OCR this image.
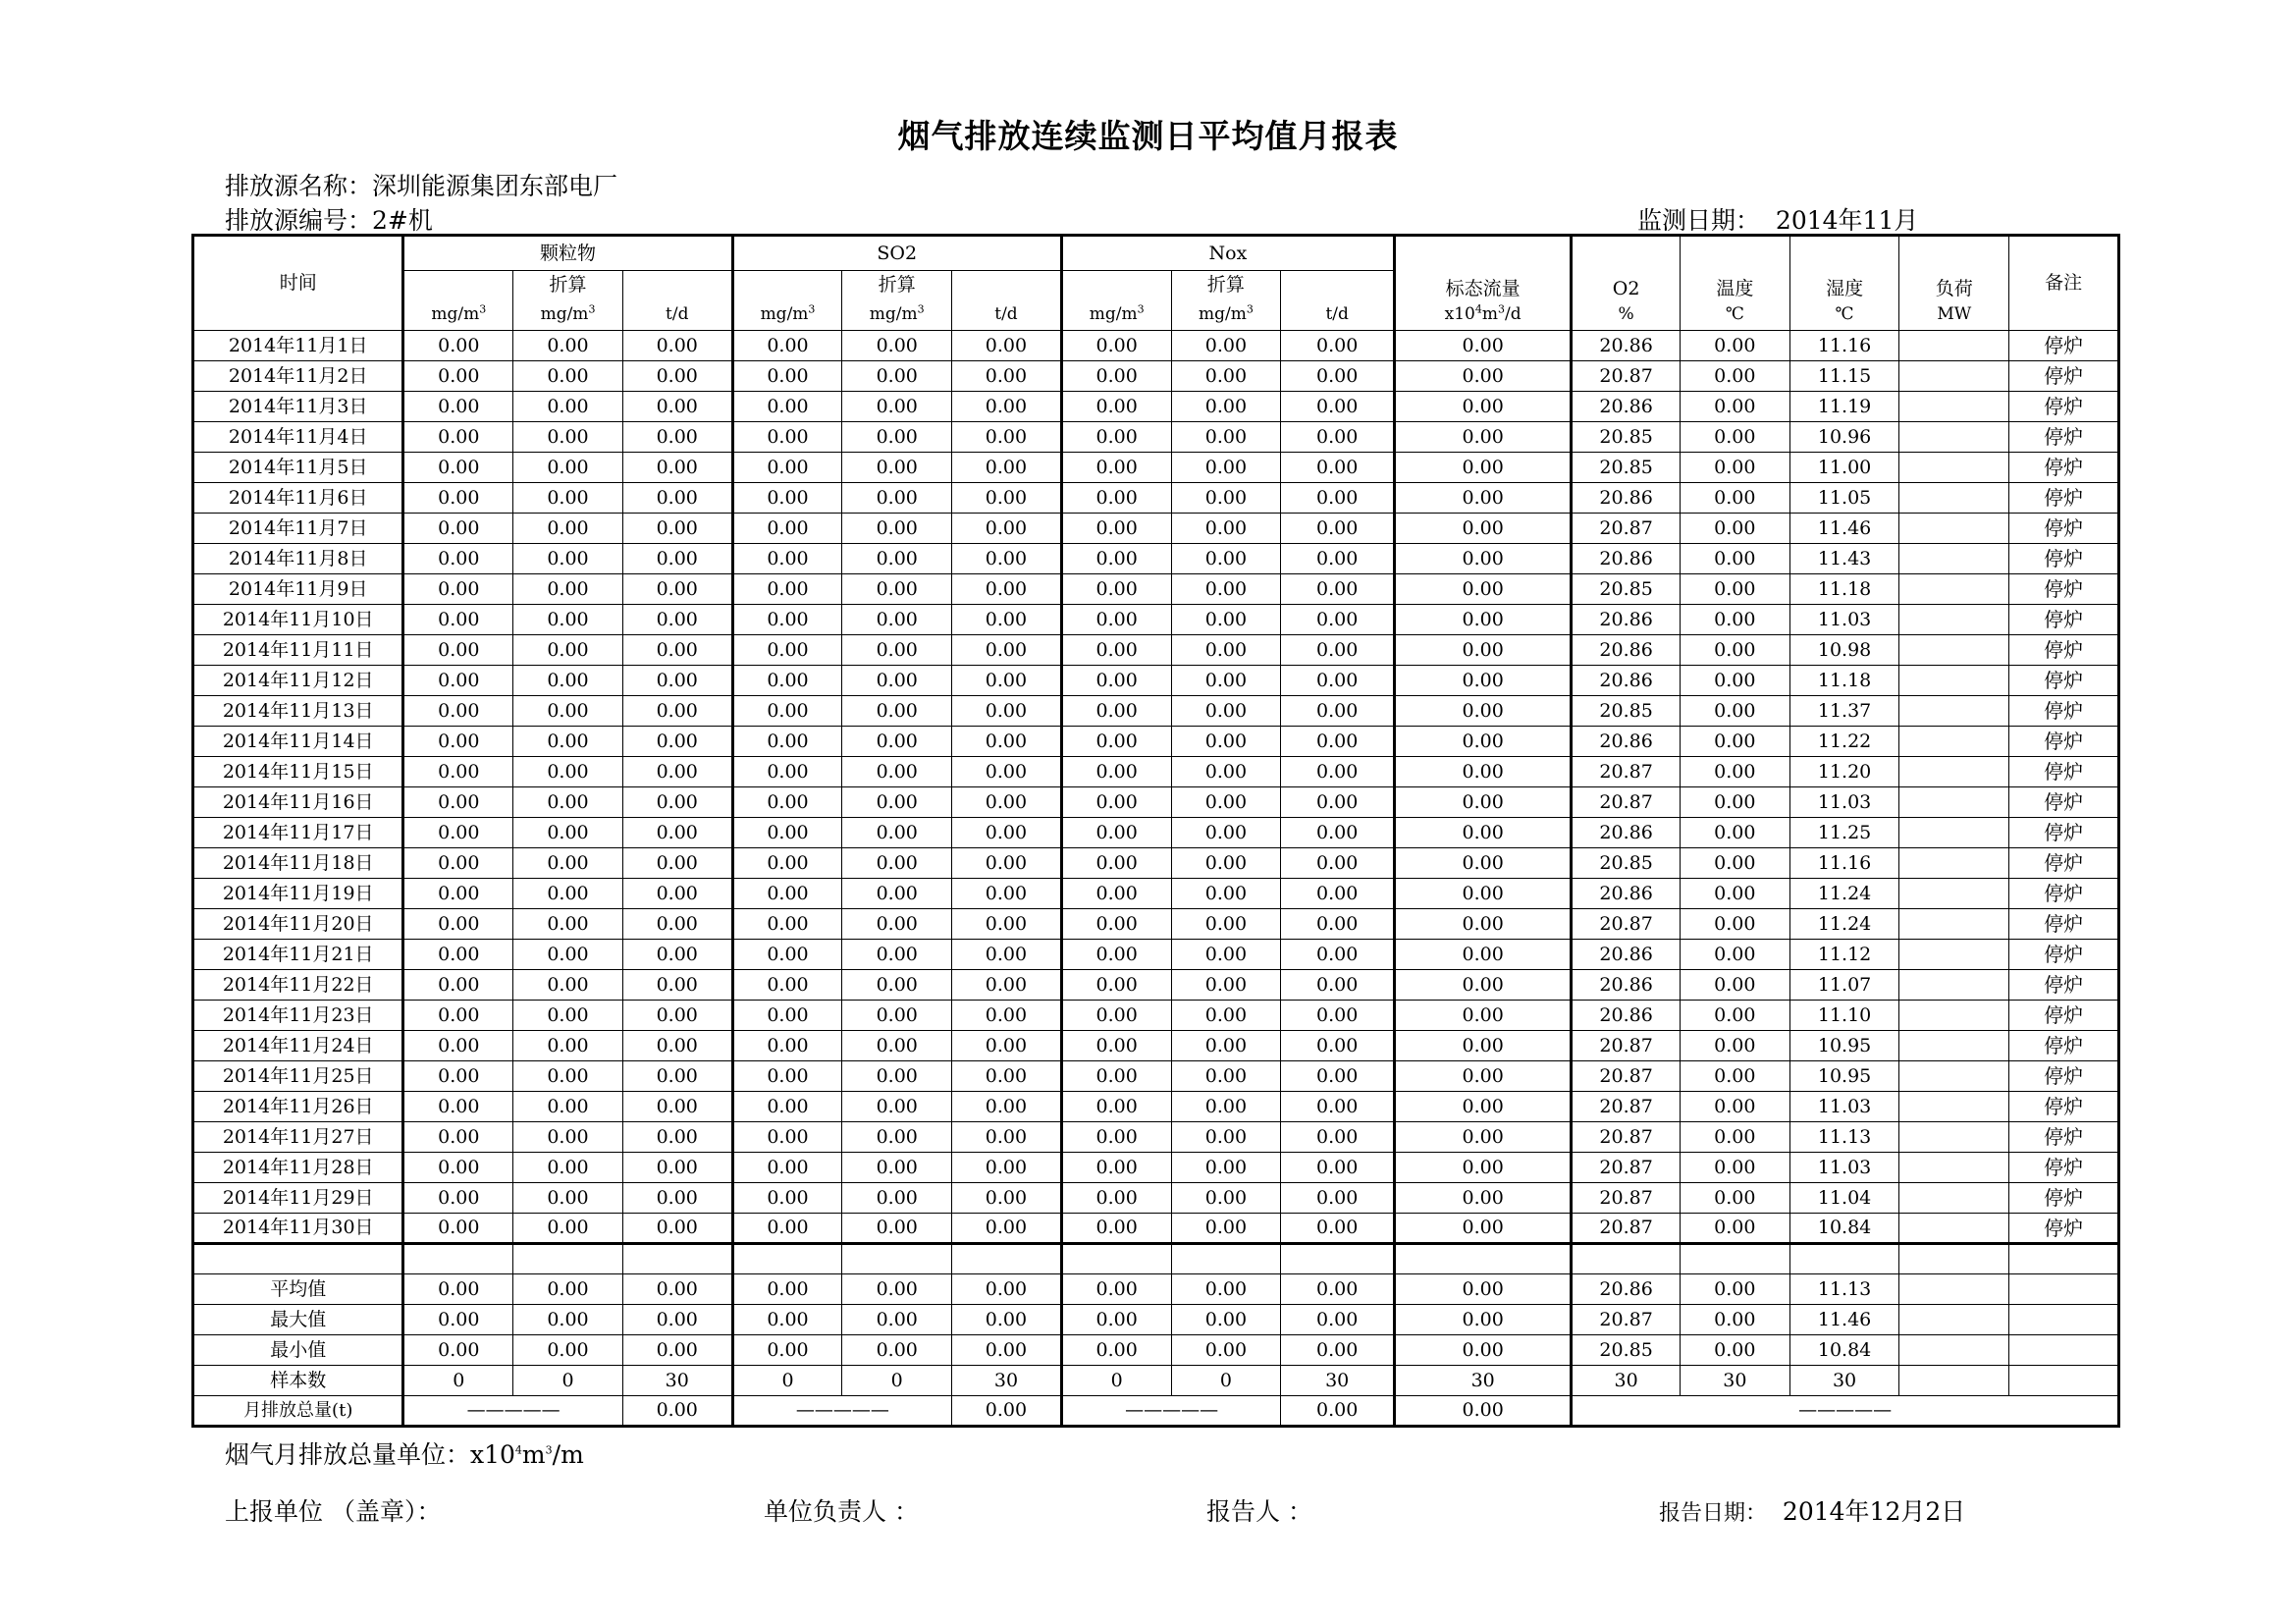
烟气排放连续监测日平均值月报表
排放源名称：深圳能源集团东部电厂
排放源编号：2#机	监测日期： 2014年11月
时间	颗粒物			SO2			Nox			标态流量	O2	温度	湿度	负荷	备注
		折算			折算			折算							
	$mg/m^3$	$mg/m^3$	t/d	$mg/m^3$	$mg/m^3$	t/d	$mg/m^3$	$mg/m^3$	t/d	$x10^4m^3/d$	%	℃	℃	MW	
2014年11月1日	0.00	0.00	0.00	0.00	0.00	0.00	0.00	0.00	0.00	0.00	20.86	0.00	11.16		停炉
2014年11月2日	0.00	0.00	0.00	0.00	0.00	0.00	0.00	0.00	0.00	0.00	20.87	0.00	11.15		停炉
2014年11月3日	0.00	0.00	0.00	0.00	0.00	0.00	0.00	0.00	0.00	0.00	20.86	0.00	11.19		停炉
2014年11月4日	0.00	0.00	0.00	0.00	0.00	0.00	0.00	0.00	0.00	0.00	20.85	0.00	10.96		停炉
2014年11月5日	0.00	0.00	0.00	0.00	0.00	0.00	0.00	0.00	0.00	0.00	20.85	0.00	11.00		停炉
2014年11月6日	0.00	0.00	0.00	0.00	0.00	0.00	0.00	0.00	0.00	0.00	20.86	0.00	11.05		停炉
2014年11月7日	0.00	0.00	0.00	0.00	0.00	0.00	0.00	0.00	0.00	0.00	20.87	0.00	11.46		停炉
2014年11月8日	0.00	0.00	0.00	0.00	0.00	0.00	0.00	0.00	0.00	0.00	20.86	0.00	11.43		停炉
2014年11月9日	0.00	0.00	0.00	0.00	0.00	0.00	0.00	0.00	0.00	0.00	20.85	0.00	11.18		停炉
2014年11月10日	0.00	0.00	0.00	0.00	0.00	0.00	0.00	0.00	0.00	0.00	20.86	0.00	11.03		停炉
2014年11月11日	0.00	0.00	0.00	0.00	0.00	0.00	0.00	0.00	0.00	0.00	20.86	0.00	10.98		停炉
2014年11月12日	0.00	0.00	0.00	0.00	0.00	0.00	0.00	0.00	0.00	0.00	20.86	0.00	11.18		停炉
2014年11月13日	0.00	0.00	0.00	0.00	0.00	0.00	0.00	0.00	0.00	0.00	20.85	0.00	11.37		停炉
2014年11月14日	0.00	0.00	0.00	0.00	0.00	0.00	0.00	0.00	0.00	0.00	20.86	0.00	11.22		停炉
2014年11月15日	0.00	0.00	0.00	0.00	0.00	0.00	0.00	0.00	0.00	0.00	20.87	0.00	11.20		停炉
2014年11月16日	0.00	0.00	0.00	0.00	0.00	0.00	0.00	0.00	0.00	0.00	20.87	0.00	11.03		停炉
2014年11月17日	0.00	0.00	0.00	0.00	0.00	0.00	0.00	0.00	0.00	0.00	20.86	0.00	11.25		停炉
2014年11月18日	0.00	0.00	0.00	0.00	0.00	0.00	0.00	0.00	0.00	0.00	20.85	0.00	11.16		停炉
2014年11月19日	0.00	0.00	0.00	0.00	0.00	0.00	0.00	0.00	0.00	0.00	20.86	0.00	11.24		停炉
2014年11月20日	0.00	0.00	0.00	0.00	0.00	0.00	0.00	0.00	0.00	0.00	20.87	0.00	11.24		停炉
2014年11月21日	0.00	0.00	0.00	0.00	0.00	0.00	0.00	0.00	0.00	0.00	20.86	0.00	11.12		停炉
2014年11月22日	0.00	0.00	0.00	0.00	0.00	0.00	0.00	0.00	0.00	0.00	20.86	0.00	11.07		停炉
2014年11月23日	0.00	0.00	0.00	0.00	0.00	0.00	0.00	0.00	0.00	0.00	20.86	0.00	11.10		停炉
2014年11月24日	0.00	0.00	0.00	0.00	0.00	0.00	0.00	0.00	0.00	0.00	20.87	0.00	10.95		停炉
2014年11月25日	0.00	0.00	0.00	0.00	0.00	0.00	0.00	0.00	0.00	0.00	20.87	0.00	10.95		停炉
2014年11月26日	0.00	0.00	0.00	0.00	0.00	0.00	0.00	0.00	0.00	0.00	20.87	0.00	11.03		停炉
2014年11月27日	0.00	0.00	0.00	0.00	0.00	0.00	0.00	0.00	0.00	0.00	20.87	0.00	11.13		停炉
2014年11月28日	0.00	0.00	0.00	0.00	0.00	0.00	0.00	0.00	0.00	0.00	20.87	0.00	11.03		停炉
2014年11月29日	0.00	0.00	0.00	0.00	0.00	0.00	0.00	0.00	0.00	0.00	20.87	0.00	11.04		停炉
2014年11月30日	0.00	0.00	0.00	0.00	0.00	0.00	0.00	0.00	0.00	0.00	20.87	0.00	10.84		停炉

平均值	0.00	0.00	0.00	0.00	0.00	0.00	0.00	0.00	0.00	0.00	20.86	0.00	11.13		
最大值	0.00	0.00	0.00	0.00	0.00	0.00	0.00	0.00	0.00	0.00	20.87	0.00	11.46		
最小值	0.00	0.00	0.00	0.00	0.00	0.00	0.00	0.00	0.00	0.00	20.85	0.00	10.84		
样本数	0	0	30	0	0	30	0	0	30	30	30	30	30		
月排放总量(t)	—————		0.00	—————		0.00	—————		0.00	0.00	—————				
烟气月排放总量单位：$x10^4m^3/m$
上报单位 （盖章）：	单位负责人 ：	报告人 ：	报告日期： 2014年12月2日
